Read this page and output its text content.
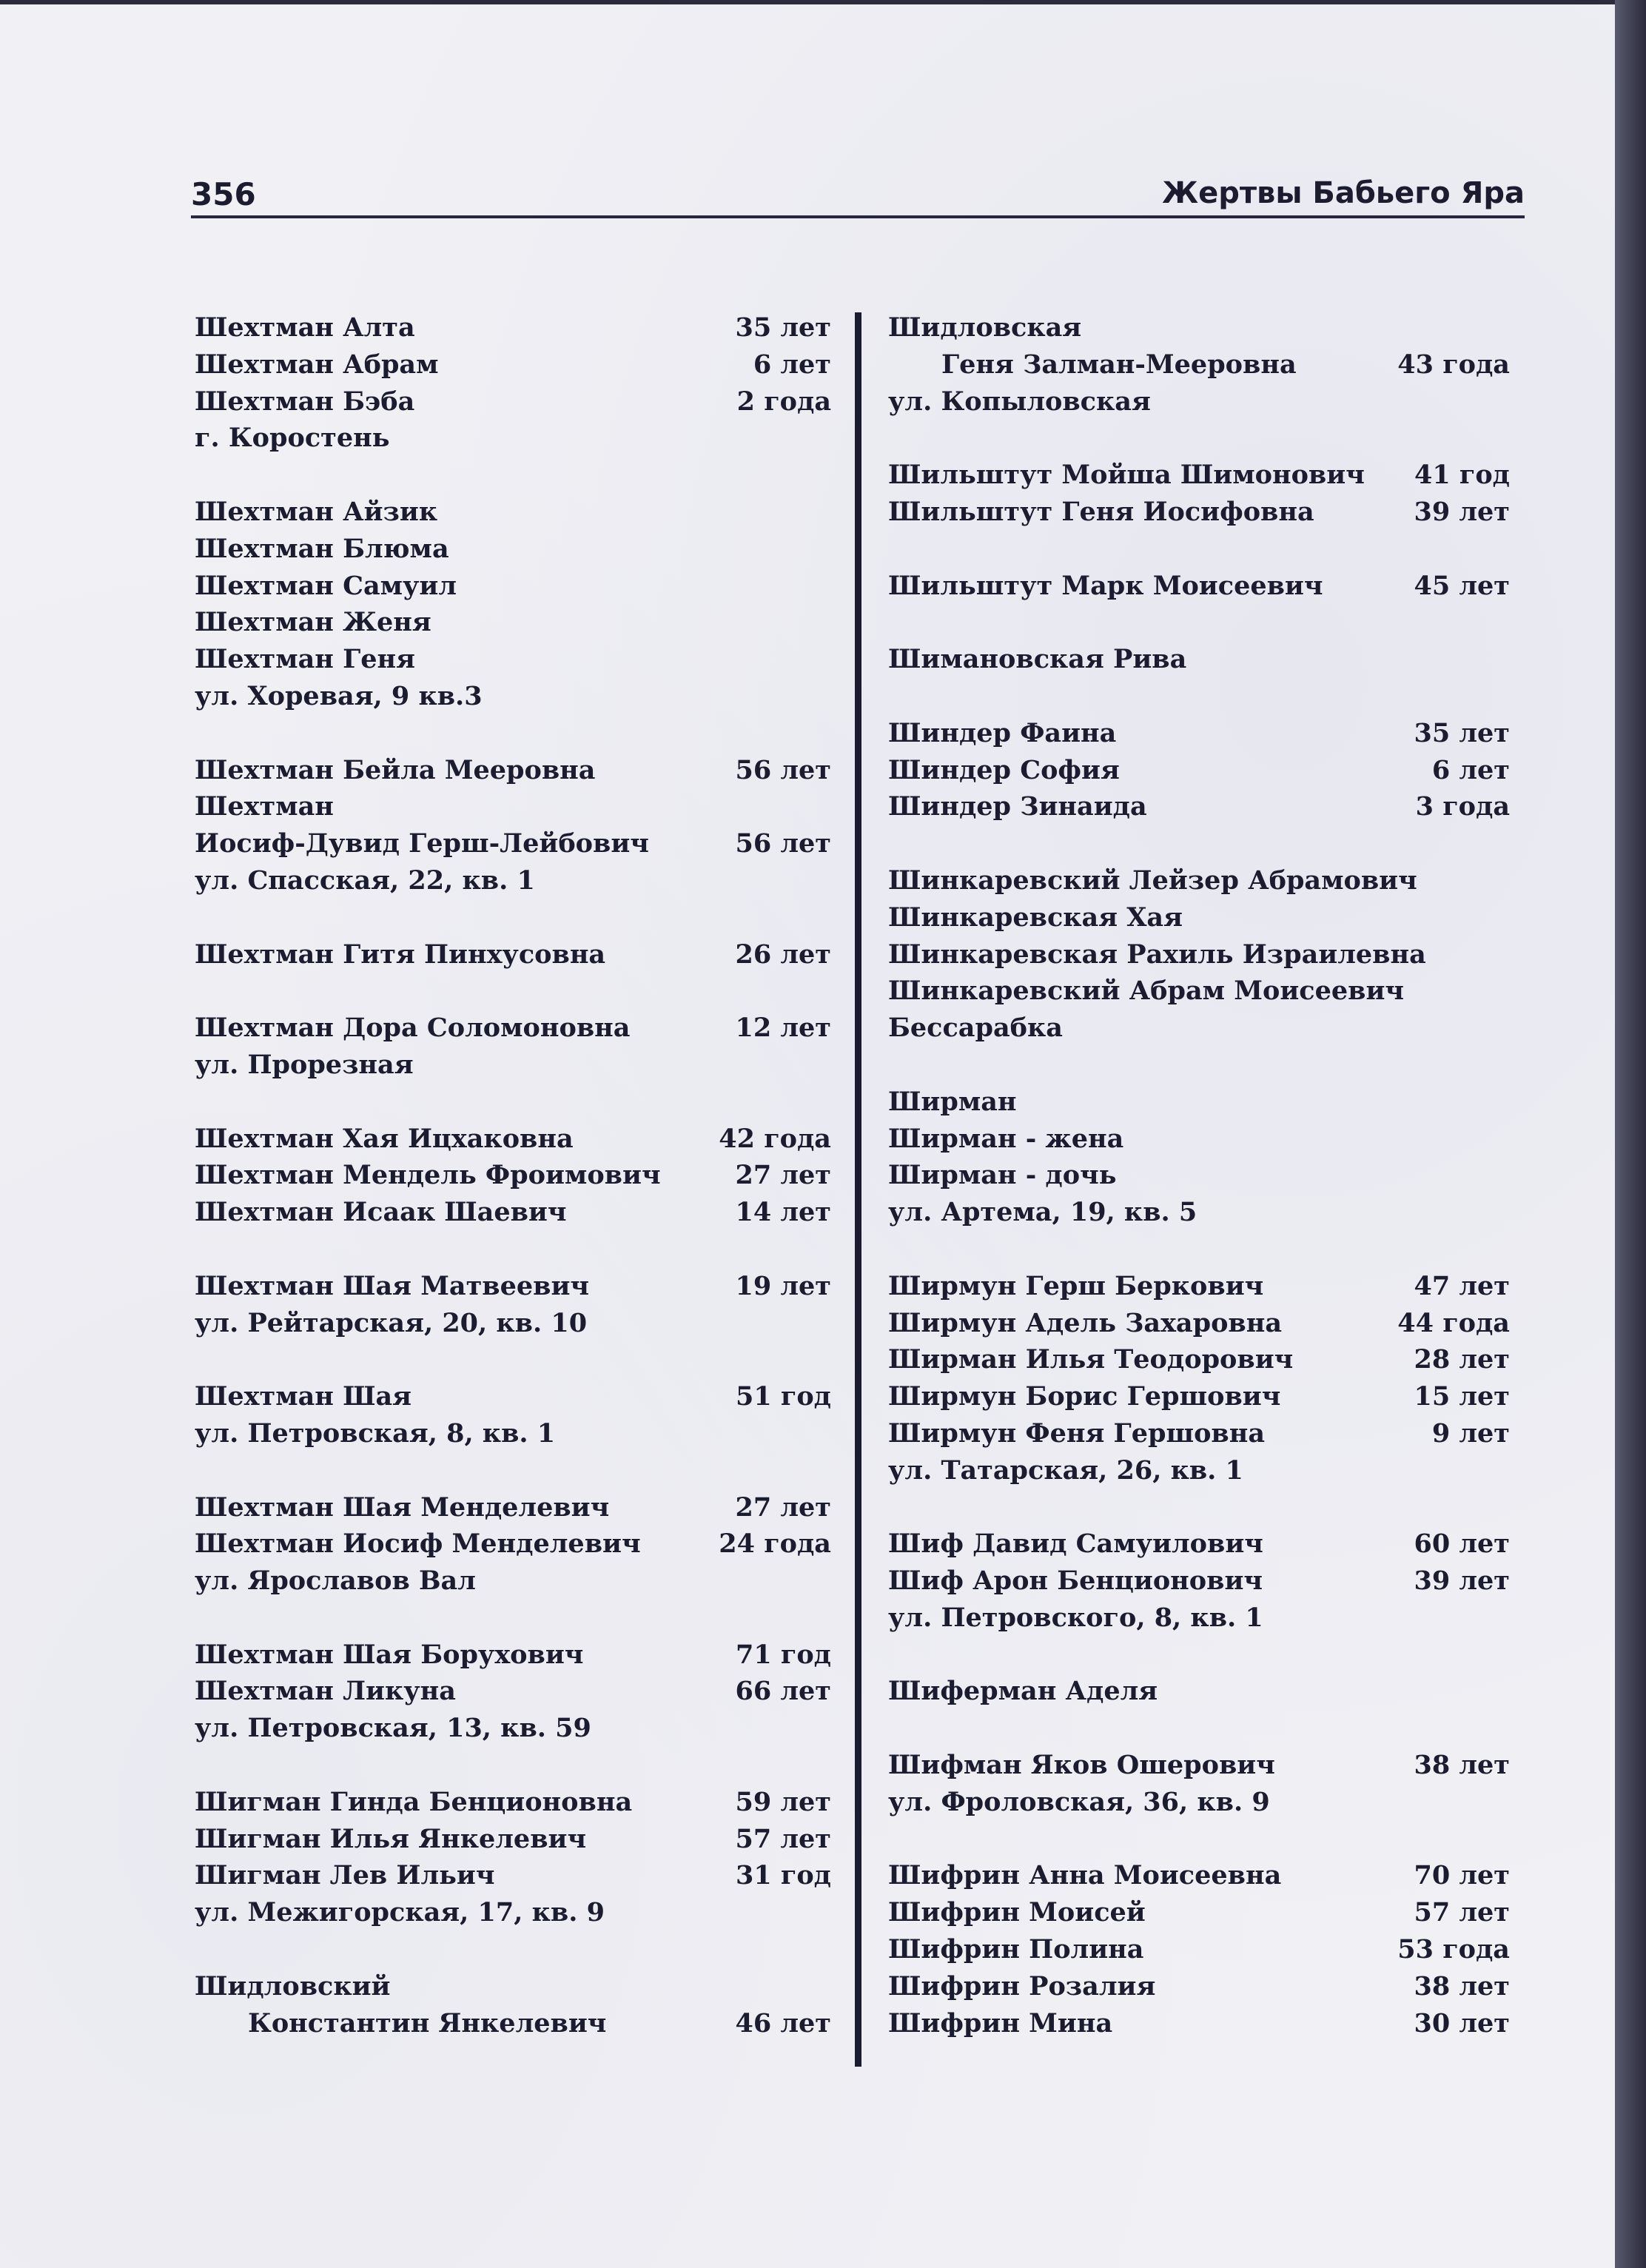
356	Жертвы Бабьего Яра
Шехтман Алта	35 лет
Шехтман Абрам	6 лет
Шехтман Бэба	2 года
г. Коростень
Шехтман Айзик
Шехтман Блюма
Шехтман Самуил
Шехтман Женя
Шехтман Геня
ул. Хоревая, 9 кв.3
Шехтман Бейла Мееровна	56 лет
Шехтман
Иосиф-Дувид Герш-Лейбович	56 лет
ул. Спасская, 22, кв. 1
Шехтман Гитя Пинхусовна	26 лет
Шехтман Дора Соломоновна	12 лет
ул. Прорезная
Шехтман Хая Ицхаковна	42 года
Шехтман Мендель Фроимович	27 лет
Шехтман Исаак Шаевич	14 лет
Шехтман Шая Матвеевич	19 лет
ул. Рейтарская, 20, кв. 10
Шехтман Шая	51 год
ул. Петровская, 8, кв. 1
Шехтман Шая Менделевич	27 лет
Шехтман Иосиф Менделевич	24 года
ул. Ярославов Вал
Шехтман Шая Борухович	71 год
Шехтман Ликуна	66 лет
ул. Петровская, 13, кв. 59
Шигман Гинда Бенционовна	59 лет
Шигман Илья Янкелевич	57 лет
Шигман Лев Ильич	31 год
ул. Межигорская, 17, кв. 9
Шидловский
Константин Янкелевич	46 лет
Шидловская
Геня Залман-Мееровна	43 года
ул. Копыловская
Шильштут Мойша Шимонович 41 год
Шильштут Геня Иосифовна	39 лет
Шильштут Марк Моисеевич	45 лет
Шимановская Рива
Шиндер Фаина	35 лет
Шиндер София	6 лет
Шиндер Зинаида	3 года
Шинкаревский Лейзер Абрамович
Шинкаревская Хая
Шинкаревская Рахиль Израилевна
Шинкаревский Абрам Моисеевич
Бессарабка
Ширман
Ширман - жена
Ширман - дочь
ул. Артема, 19, кв. 5
Ширмун Герш Беркович	47 лет
Ширмун Адель Захаровна	44 года
Ширман Илья Теодорович	28 лет
Ширмун Борис Гершович	15 лет
Ширмун Феня Гершовна	9 лет
ул. Татарская, 26, кв. 1
Шиф Давид Самуилович	60 лет
Шиф Арон Бенционович	39 лет
ул. Петровского, 8, кв. 1
Шиферман Аделя
Шифман Яков Ошерович	38 лет
ул. Фроловская, 36, кв. 9
Шифрин Анна Моисеевна	70 лет
Шифрин Моисей	57 лет
Шифрин Полина	53 года
Шифрин Розалия	38 лет
Шифрин Мина	30 лет
